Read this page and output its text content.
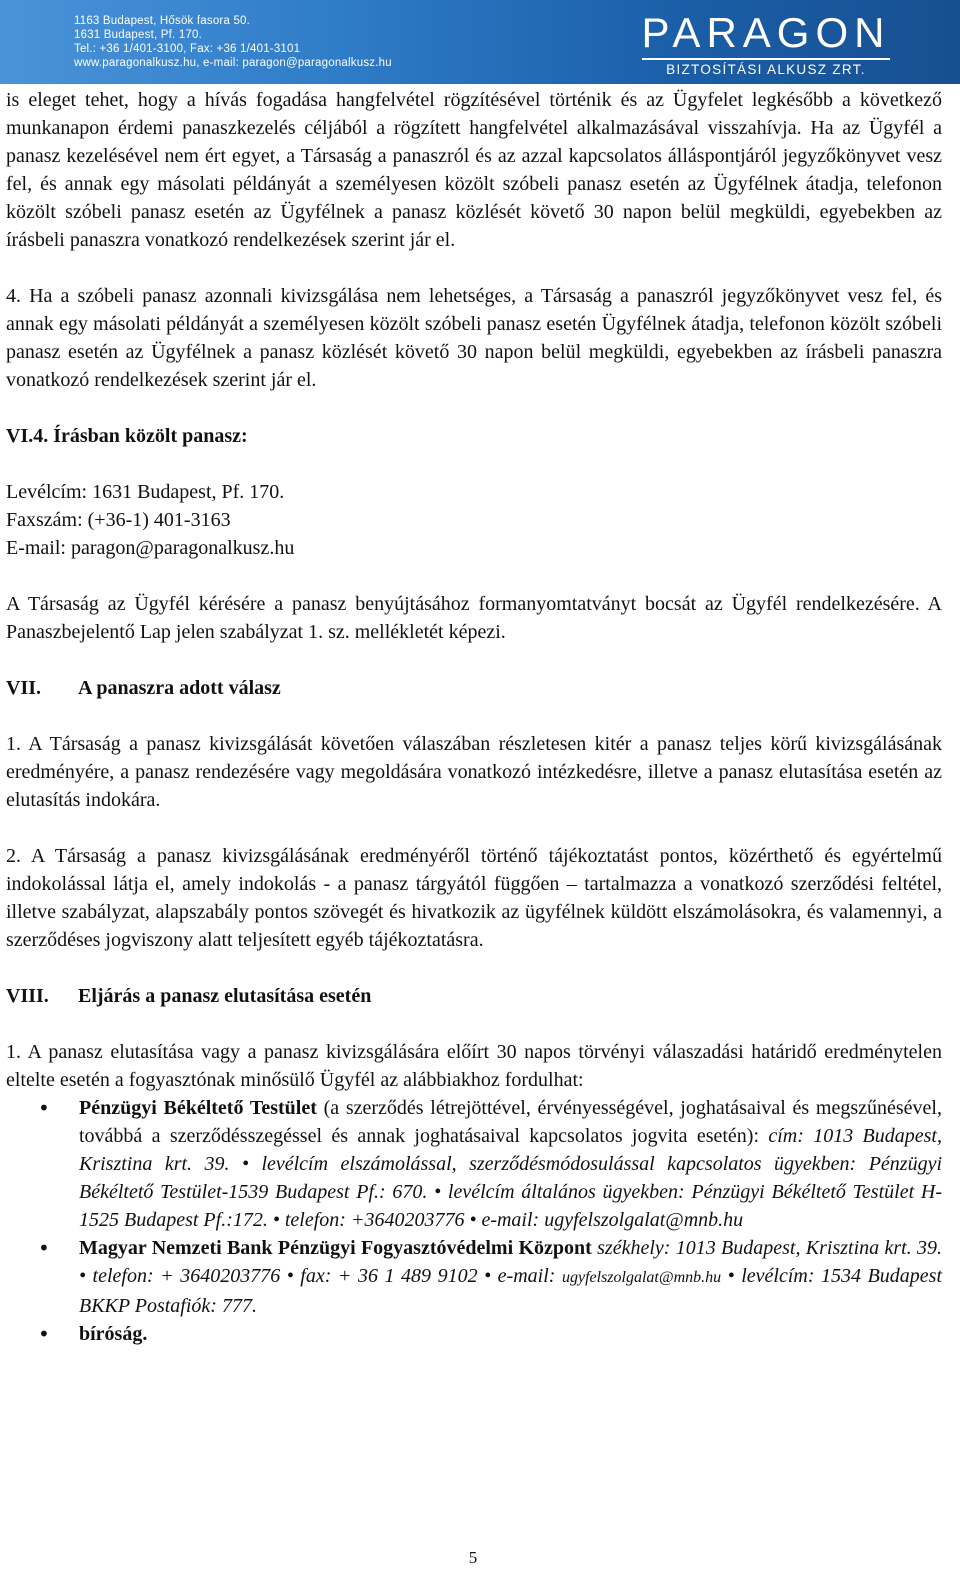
1163 Budapest, Hősök fasora 50.
1631 Budapest, Pf. 170.
Tel.: +36 1/401-3100, Fax: +36 1/401-3101
www.paragonalkusz.hu, e-mail: paragon@paragonalkusz.hu
PARAGON
BIZTOSÍTÁSI ALKUSZ ZRT.

is eleget tehet, hogy a hívás fogadása hangfelvétel rögzítésével történik és az Ügyfelet legkésőbb a következő munkanapon érdemi panaszkezelés céljából a rögzített hangfelvétel alkalmazásával visszahívja. Ha az Ügyfél a panasz kezelésével nem ért egyet, a Társaság a panaszról és az azzal kapcsolatos álláspontjáról jegyzőkönyvet vesz fel, és annak egy másolati példányát a személyesen közölt szóbeli panasz esetén az Ügyfélnek átadja, telefonon közölt szóbeli panasz esetén az Ügyfélnek a panasz közlését követő 30 napon belül megküldi, egyebekben az írásbeli panaszra vonatkozó rendelkezések szerint jár el.

4. Ha a szóbeli panasz azonnali kivizsgálása nem lehetséges, a Társaság a panaszról jegyzőkönyvet vesz fel, és annak egy másolati példányát a személyesen közölt szóbeli panasz esetén Ügyfélnek átadja, telefonon közölt szóbeli panasz esetén az Ügyfélnek a panasz közlését követő 30 napon belül megküldi, egyebekben az írásbeli panaszra vonatkozó rendelkezések szerint jár el.

VI.4. Írásban közölt panasz:

Levélcím: 1631 Budapest, Pf. 170.

Faxszám: (+36-1) 401-3163

E-mail: paragon@paragonalkusz.hu

A Társaság az Ügyfél kérésére a panasz benyújtásához formanyomtatványt bocsát az Ügyfél rendelkezésére. A Panaszbejelentő Lap jelen szabályzat 1. sz. mellékletét képezi.

VII. A panaszra adott válasz

1. A Társaság a panasz kivizsgálását követően válaszában részletesen kitér a panasz teljes körű kivizsgálásának eredményére, a panasz rendezésére vagy megoldására vonatkozó intézkedésre, illetve a panasz elutasítása esetén az elutasítás indokára.

2. A Társaság a panasz kivizsgálásának eredményéről történő tájékoztatást pontos, közérthető és egyértelmű indokolással látja el, amely indokolás - a panasz tárgyától függően – tartalmazza a vonatkozó szerződési feltétel, illetve szabályzat, alapszabály pontos szövegét és hivatkozik az ügyfélnek küldött elszámolásokra, és valamennyi, a szerződéses jogviszony alatt teljesített egyéb tájékoztatásra.

VIII. Eljárás a panasz elutasítása esetén

1. A panasz elutasítása vagy a panasz kivizsgálására előírt 30 napos törvényi válaszadási határidő eredménytelen eltelte esetén a fogyasztónak minősülő Ügyfél az alábbiakhoz fordulhat:

• Pénzügyi Békéltető Testület (a szerződés létrejöttével, érvényességével, joghatásaival és megszűnésével, továbbá a szerződésszegéssel és annak joghatásaival kapcsolatos jogvita esetén): cím: 1013 Budapest, Krisztina krt. 39. • levélcím elszámolással, szerződésmódosulással kapcsolatos ügyekben: Pénzügyi Békéltető Testület-1539 Budapest Pf.: 670. • levélcím általános ügyekben: Pénzügyi Békéltető Testület H-1525 Budapest Pf.:172. • telefon: +3640203776 • e-mail: ugyfelszolgalat@mnb.hu
• Magyar Nemzeti Bank Pénzügyi Fogyasztóvédelmi Központ székhely: 1013 Budapest, Krisztina krt. 39. • telefon: + 3640203776 • fax: + 36 1 489 9102 • e-mail: ugyfelszolgalat@mnb.hu • levélcím: 1534 Budapest BKKP Postafiók: 777.
• bíróság.
5
